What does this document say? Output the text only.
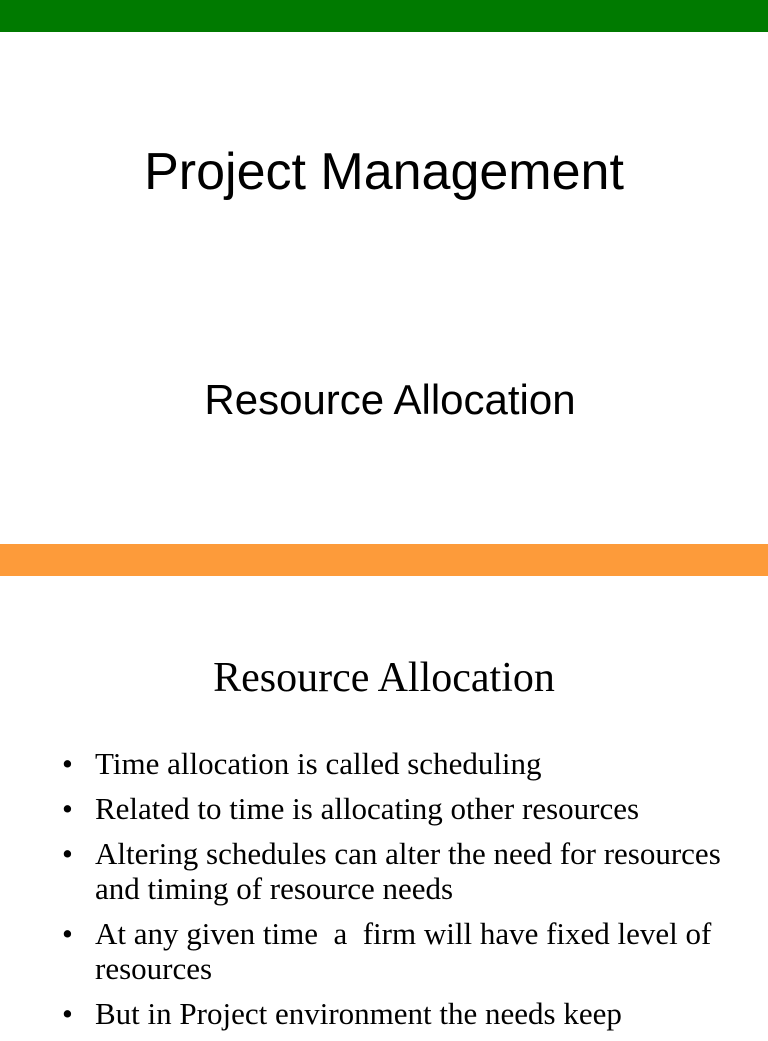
Project Management
Resource Allocation
Resource Allocation
• Time allocation is called scheduling
• Related to time is allocating other resources
• Altering schedules can alter the need for resources and timing of resource needs
• At any given time  a  firm will have fixed level of resources
• But in Project environment the needs keep
